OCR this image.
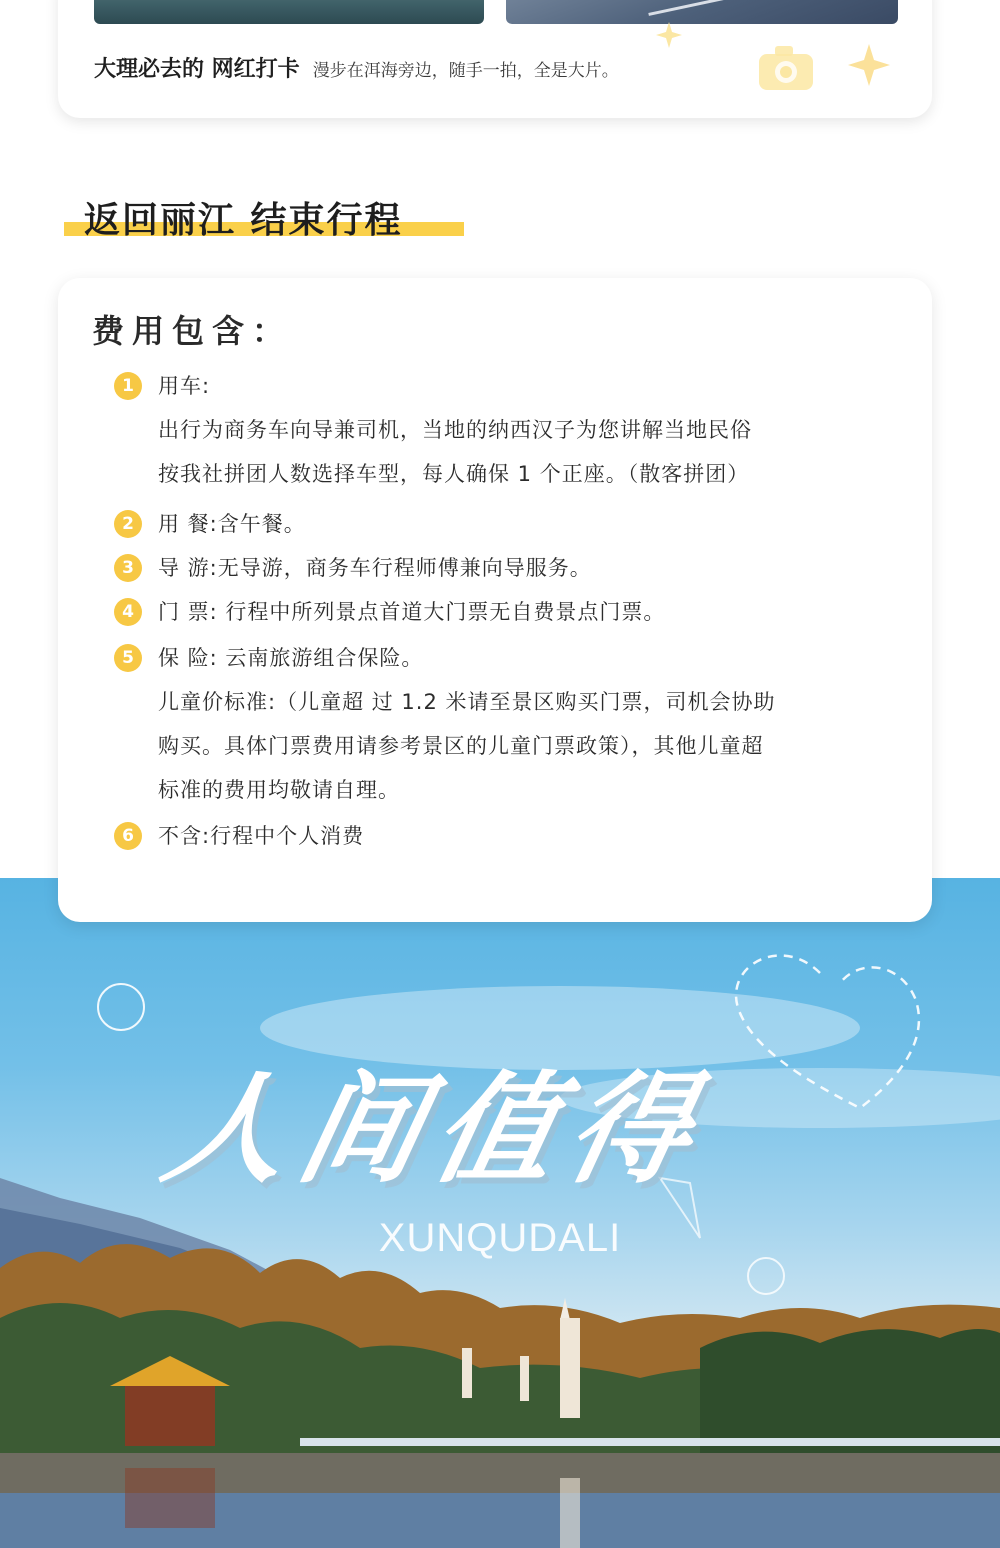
大理必去的 网红打卡 漫步在洱海旁边，随手一拍，全是大片。
返回丽江 结束行程
费用包含：
1	用车:
出行为商务车向导兼司机，当地的纳西汉子为您讲解当地民俗
按我社拼团人数选择车型，每人确保 1 个正座。（散客拼团）
2	用 餐:含午餐。
3	导 游:无导游，商务车行程师傅兼向导服务。
4	门 票: 行程中所列景点首道大门票无自费景点门票。
5	保 险: 云南旅游组合保险。
儿童价标准:（儿童超 过 1.2 米请至景区购买门票，司机会协助
购买。具体门票费用请参考景区的儿童门票政策），其他儿童超
标准的费用均敬请自理。
6	不含:行程中个人消费
人间值得
XUNQUDALI
